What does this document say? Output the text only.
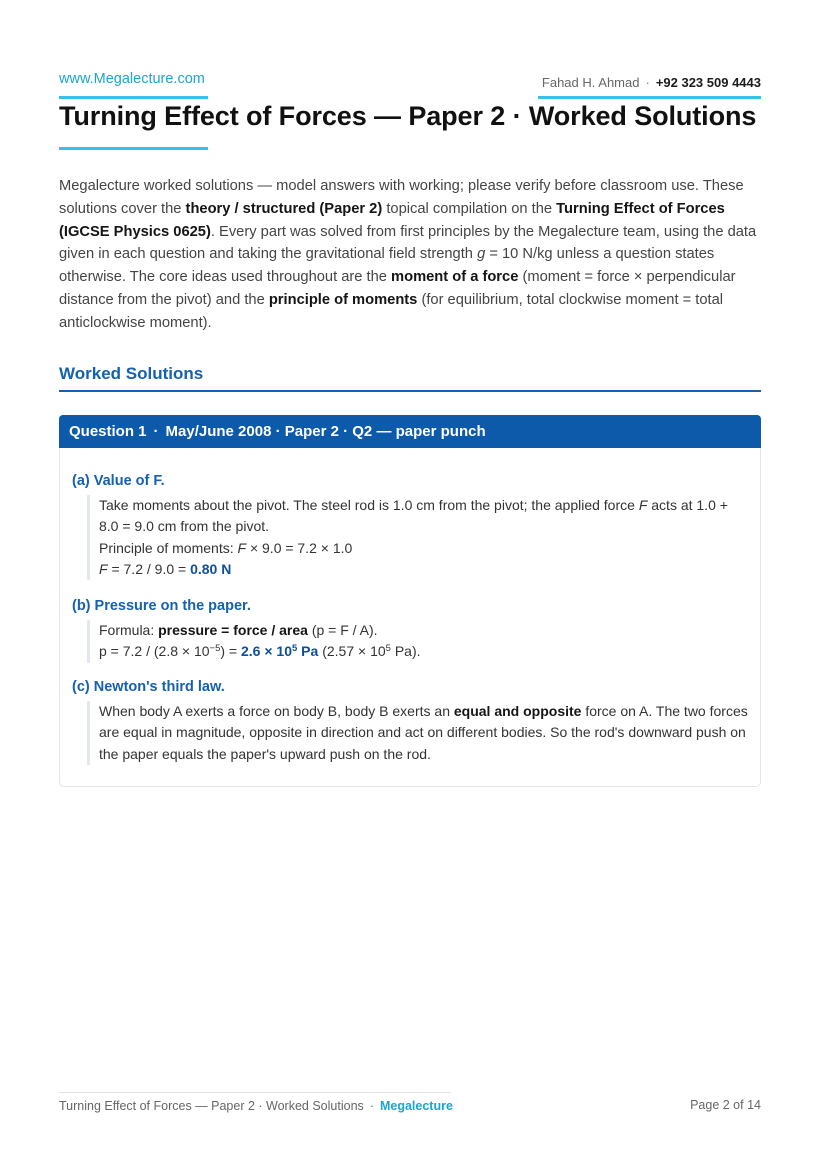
www.Megalecture.com	Fahad H. Ahmad · +92 323 509 4443
Turning Effect of Forces — Paper 2 · Worked Solutions

Megalecture worked solutions — model answers with working; please verify before classroom use. These solutions cover the theory / structured (Paper 2) topical compilation on the Turning Effect of Forces (IGCSE Physics 0625). Every part was solved from first principles by the Megalecture team, using the data given in each question and taking the gravitational field strength g = 10 N/kg unless a question states otherwise. The core ideas used throughout are the moment of a force (moment = force × perpendicular distance from the pivot) and the principle of moments (for equilibrium, total clockwise moment = total anticlockwise moment).

Worked Solutions
Question 1 · May/June 2008 · Paper 2 · Q2 — paper punch
(a) Value of F.
Take moments about the pivot. The steel rod is 1.0 cm from the pivot; the applied force F acts at 1.0 + 8.0 = 9.0 cm from the pivot.
Principle of moments: F × 9.0 = 7.2 × 1.0
F = 7.2 / 9.0 = 0.80 N
(b) Pressure on the paper.
Formula: pressure = force / area (p = F / A).
$p = 7.2 / (2.8 \times 10^{-5}) = 2.6 \times 10^5$ Pa ($2.57 \times 10^5$ Pa).
(c) Newton's third law.
When body A exerts a force on body B, body B exerts an equal and opposite force on A. The two forces are equal in magnitude, opposite in direction and act on different bodies. So the rod's downward push on the paper equals the paper's upward push on the rod.
Turning Effect of Forces — Paper 2 · Worked Solutions · Megalecture	Page 2 of 14
